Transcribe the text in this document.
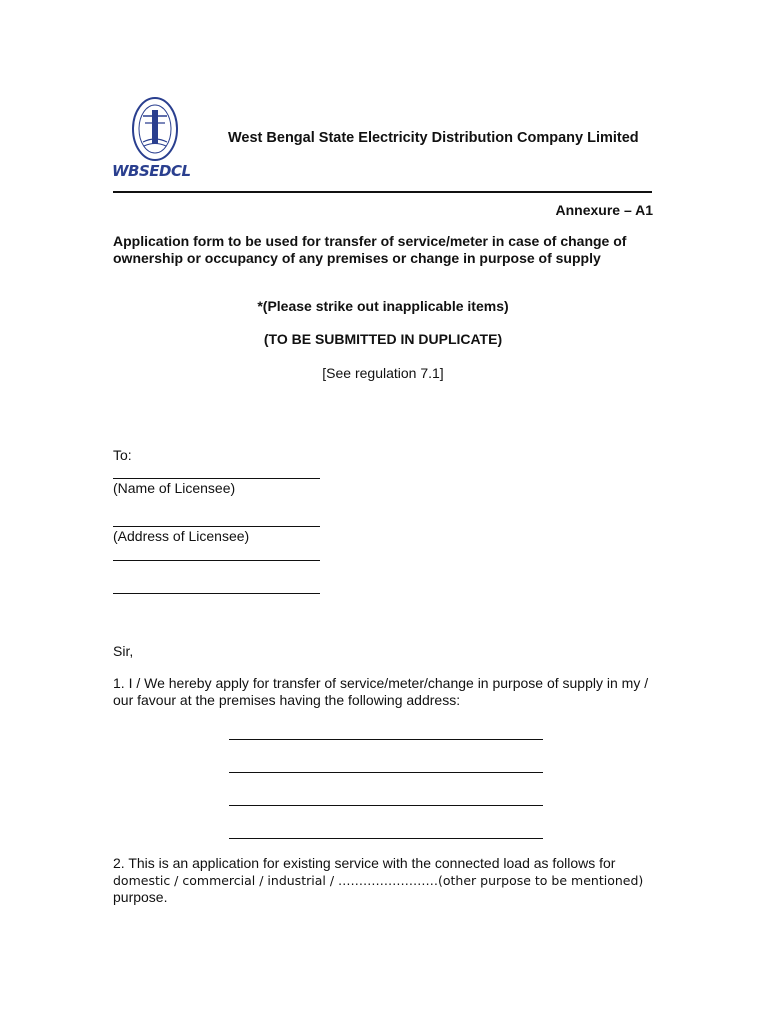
WBSEDCL
West Bengal State Electricity Distribution Company Limited
Annexure – A1
Application form to be used for transfer of service/meter in case of change of ownership or occupancy of any premises or change in purpose of supply
*(Please strike out inapplicable items)
(TO BE SUBMITTED IN DUPLICATE)
[See regulation 7.1]
To:
(Name of Licensee)
(Address of Licensee)
Sir,
1. I / We hereby apply for transfer of service/meter/change in purpose of supply in my / our favour at the premises having the following address:
2. This is an application for existing service with the connected load as follows for
domestic / commercial / industrial / ……………………(other purpose to be mentioned)
purpose.
